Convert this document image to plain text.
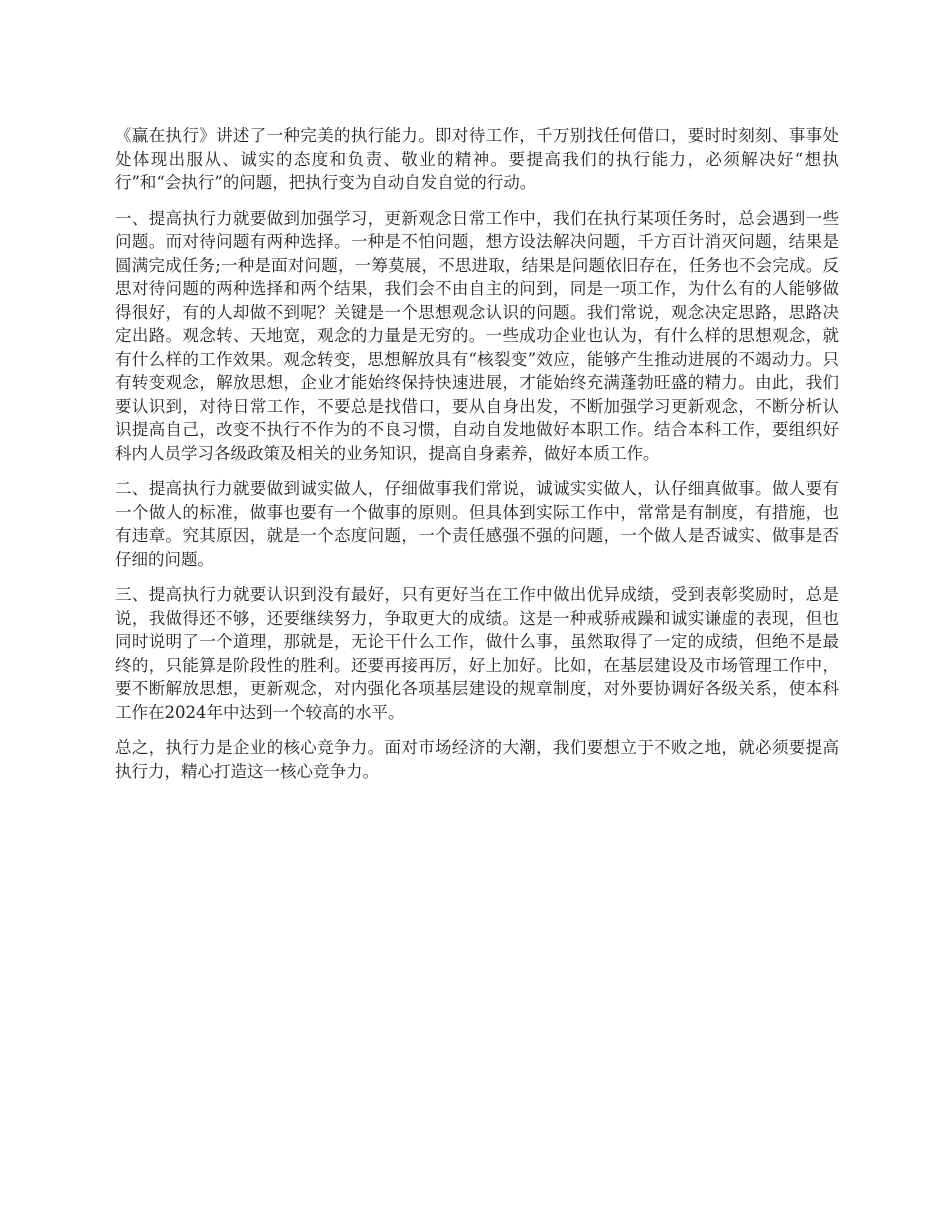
《赢在执行》讲述了一种完美的执行能力。即对待工作，千万别找任何借口，要时时刻刻、事事处处体现出服从、诚实的态度和负责、敬业的精神。要提高我们的执行能力，必须解决好“想执行”和“会执行”的问题，把执行变为自动自发自觉的行动。

一、提高执行力就要做到加强学习，更新观念日常工作中，我们在执行某项任务时，总会遇到一些问题。而对待问题有两种选择。一种是不怕问题，想方设法解决问题，千方百计消灭问题，结果是圆满完成任务;一种是面对问题，一筹莫展，不思进取，结果是问题依旧存在，任务也不会完成。反思对待问题的两种选择和两个结果，我们会不由自主的问到，同是一项工作，为什么有的人能够做得很好，有的人却做不到呢？关键是一个思想观念认识的问题。我们常说，观念决定思路，思路决定出路。观念转、天地宽，观念的力量是无穷的。一些成功企业也认为，有什么样的思想观念，就有什么样的工作效果。观念转变，思想解放具有“核裂变”效应，能够产生推动进展的不竭动力。只有转变观念，解放思想，企业才能始终保持快速进展，才能始终充满蓬勃旺盛的精力。由此，我们要认识到，对待日常工作，不要总是找借口，要从自身出发，不断加强学习更新观念，不断分析认识提高自己，改变不执行不作为的不良习惯，自动自发地做好本职工作。结合本科工作，要组织好科内人员学习各级政策及相关的业务知识，提高自身素养，做好本质工作。

二、提高执行力就要做到诚实做人，仔细做事我们常说，诚诚实实做人，认仔细真做事。做人要有一个做人的标准，做事也要有一个做事的原则。但具体到实际工作中，常常是有制度，有措施，也有违章。究其原因，就是一个态度问题，一个责任感强不强的问题，一个做人是否诚实、做事是否仔细的问题。

三、提高执行力就要认识到没有最好，只有更好当在工作中做出优异成绩，受到表彰奖励时，总是说，我做得还不够，还要继续努力，争取更大的成绩。这是一种戒骄戒躁和诚实谦虚的表现，但也同时说明了一个道理，那就是，无论干什么工作，做什么事，虽然取得了一定的成绩，但绝不是最终的，只能算是阶段性的胜利。还要再接再厉，好上加好。比如，在基层建设及市场管理工作中，要不断解放思想，更新观念，对内强化各项基层建设的规章制度，对外要协调好各级关系，使本科工作在2024年中达到一个较高的水平。

总之，执行力是企业的核心竞争力。面对市场经济的大潮，我们要想立于不败之地，就必须要提高执行力，精心打造这一核心竞争力。
